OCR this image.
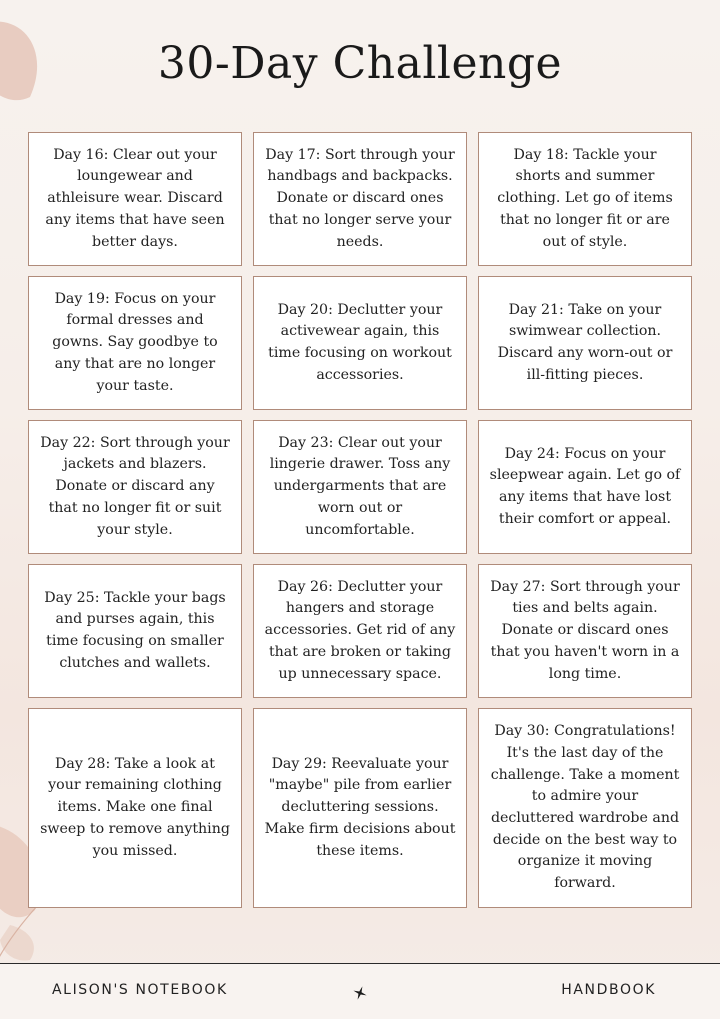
30-Day Challenge
Day 16: Clear out your loungewear and athleisure wear. Discard any items that have seen better days.
Day 17: Sort through your handbags and backpacks. Donate or discard ones that no longer serve your needs.
Day 18: Tackle your shorts and summer clothing. Let go of items that no longer fit or are out of style.
Day 19: Focus on your formal dresses and gowns. Say goodbye to any that are no longer your taste.
Day 20: Declutter your activewear again, this time focusing on workout accessories.
Day 21: Take on your swimwear collection. Discard any worn-out or ill-fitting pieces.
Day 22: Sort through your jackets and blazers. Donate or discard any that no longer fit or suit your style.
Day 23: Clear out your lingerie drawer. Toss any undergarments that are worn out or uncomfortable.
Day 24: Focus on your sleepwear again. Let go of any items that have lost their comfort or appeal.
Day 25: Tackle your bags and purses again, this time focusing on smaller clutches and wallets.
Day 26: Declutter your hangers and storage accessories. Get rid of any that are broken or taking up unnecessary space.
Day 27: Sort through your ties and belts again. Donate or discard ones that you haven't worn in a long time.
Day 28: Take a look at your remaining clothing items. Make one final sweep to remove anything you missed.
Day 29: Reevaluate your "maybe" pile from earlier decluttering sessions. Make firm decisions about these items.
Day 30: Congratulations! It's the last day of the challenge. Take a moment to admire your decluttered wardrobe and decide on the best way to organize it moving forward.
ALISON'S NOTEBOOK	HANDBOOK
